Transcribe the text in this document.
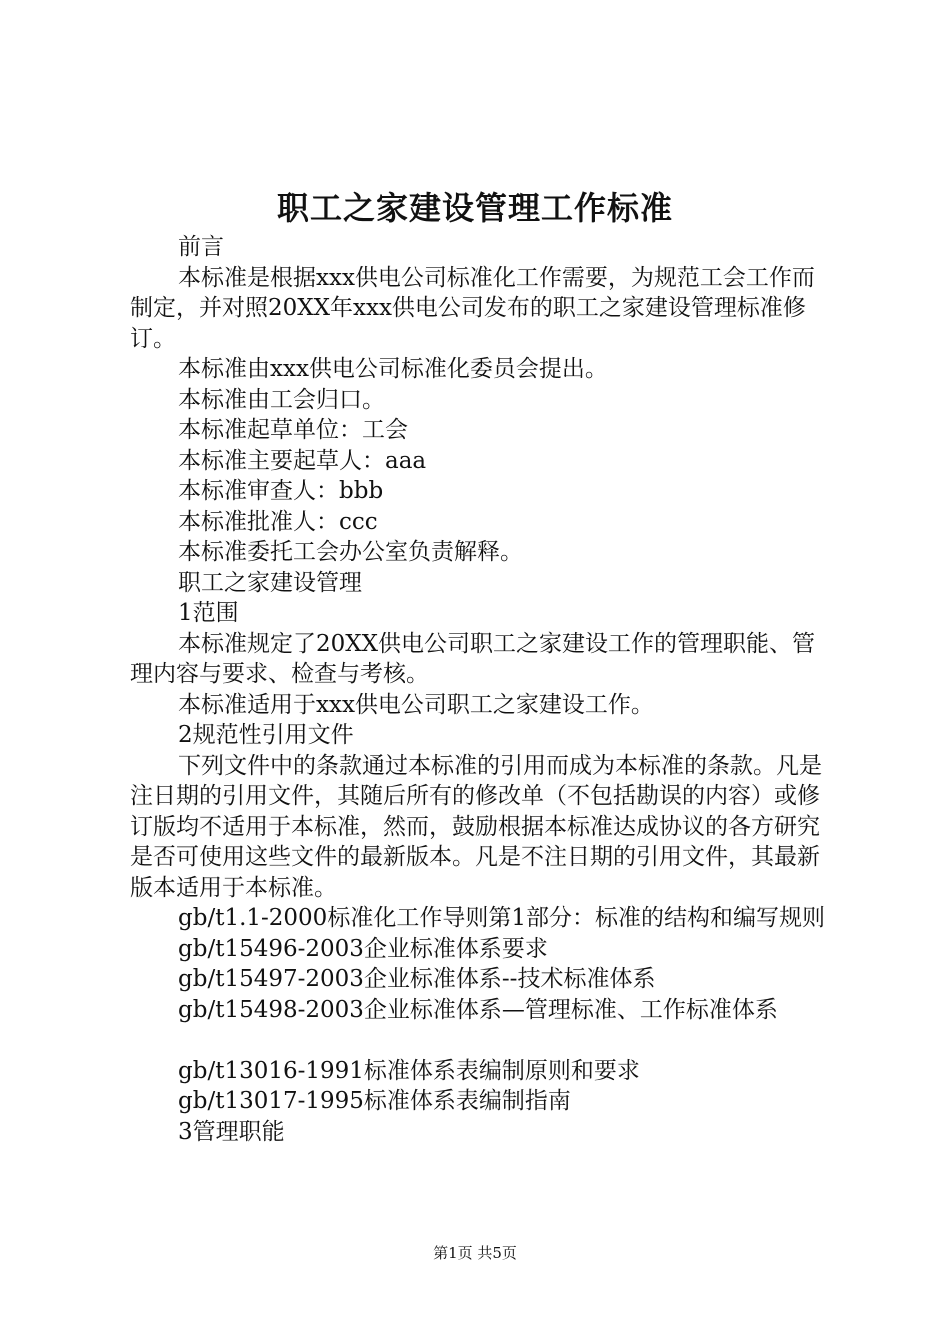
职工之家建设管理工作标准

前言

本标准是根据xxx供电公司标准化工作需要，为规范工会工作而制定，并对照20XX年xxx供电公司发布的职工之家建设管理标准修订。

本标准由xxx供电公司标准化委员会提出。

本标准由工会归口。

本标准起草单位：工会

本标准主要起草人：aaa

本标准审查人：bbb

本标准批准人：ccc

本标准委托工会办公室负责解释。

职工之家建设管理

1范围

本标准规定了20XX供电公司职工之家建设工作的管理职能、管理内容与要求、检查与考核。

本标准适用于xxx供电公司职工之家建设工作。

2规范性引用文件

下列文件中的条款通过本标准的引用而成为本标准的条款。凡是注日期的引用文件，其随后所有的修改单（不包括勘误的内容）或修订版均不适用于本标准，然而，鼓励根据本标准达成协议的各方研究是否可使用这些文件的最新版本。凡是不注日期的引用文件，其最新版本适用于本标准。

gb/t1.1-2000标准化工作导则第1部分：标准的结构和编写规则

gb/t15496-2003企业标准体系要求

gb/t15497-2003企业标准体系--技术标准体系

gb/t15498-2003企业标准体系—管理标准、工作标准体系

gb/t13016-1991标准体系表编制原则和要求

gb/t13017-1995标准体系表编制指南

3管理职能

第1页 共5页
